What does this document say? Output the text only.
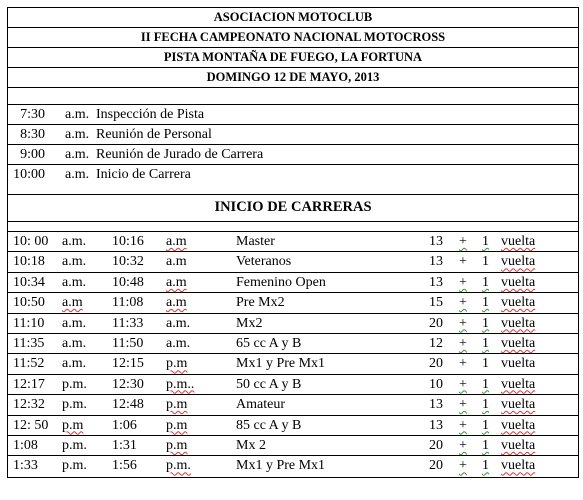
ASOCIACION MOTOCLUB
II FECHA CAMPEONATO NACIONAL MOTOCROSS
PISTA MONTAÑA DE FUEGO, LA FORTUNA
DOMINGO 12 DE MAYO, 2013
7:30 a.m. Inspección de Pista
8:30 a.m. Reunión de Personal
9:00 a.m. Reunión de Jurado de Carrera
10:00 a.m. Inicio de Carrera
INICIO DE CARRERAS
10: 00 a.m. 10:16 a.m	Master	13 + 1 vuelta
10:18 a.m. 10:32 a.m	Veteranos	13 + 1 vuelta
10:34 a.m. 10:48 a.m	Femenino Open	13 + 1 vuelta
10:50 a.m 11:08 a.m	Pre Mx2	15 + 1 vuelta
11:10 a.m. 11:33 a.m.	Mx2	20 + 1 vuelta
11:35 a.m. 11:50 a.m.	65 cc A y B	12 + 1 vuelta
11:52 a.m. 12:15 p.m	Mx1 y Pre Mx1	20 + 1 vuelta
12:17 p.m. 12:30 p.m..	50 cc A y B	10 + 1 vuelta
12:32 p.m. 12:48 p.m	Amateur	13 + 1 vuelta
12: 50 p.m 1:06 p.m	85 cc A y B	13 + 1 vuelta
1:08 p.m. 1:31 p.m	Mx 2	20 + 1 vuelta
1:33 p.m. 1:56 p.m.	Mx1 y Pre Mx1	20 + 1 vuelta
